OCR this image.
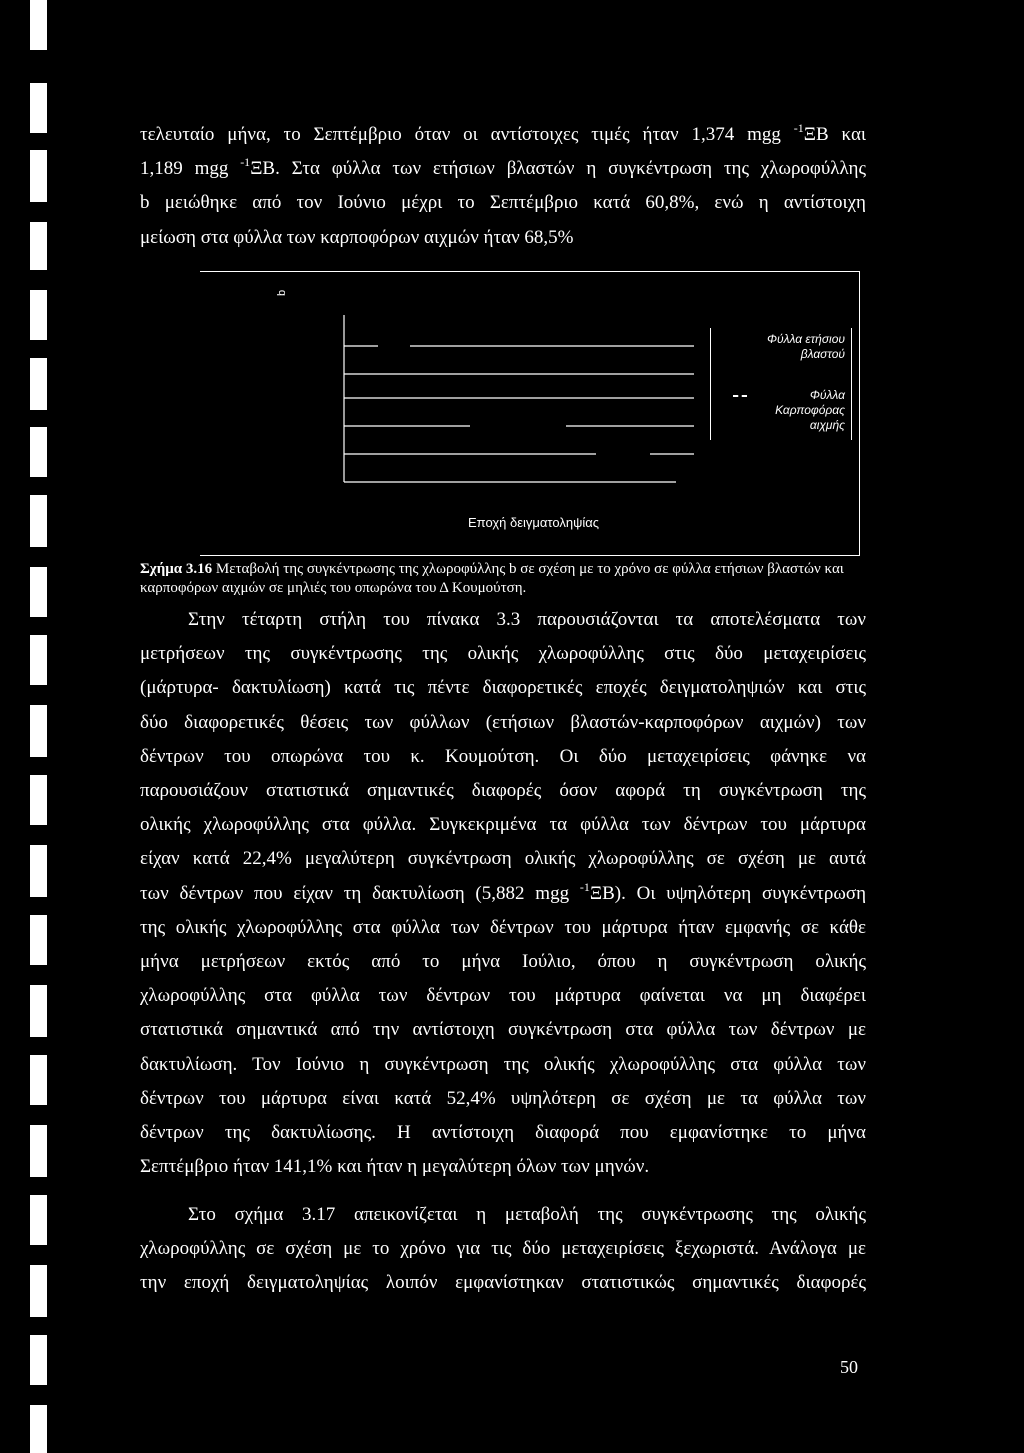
τελευταίο μήνα, το Σεπτέμβριο όταν οι αντίστοιχες τιμές ήταν 1,374 mgg $^{-1}$ΞΒ και
1,189 mgg $^{-1}$ΞΒ. Στα φύλλα των ετήσιων βλαστών η συγκέντρωση της χλωροφύλλης
b μειώθηκε από τον Ιούνιο μέχρι το Σεπτέμβριο κατά 60,8%, ενώ η αντίστοιχη
μείωση στα φύλλα των καρποφόρων αιχμών ήταν 68,5%
b
Φύλλα ετήσιου
βλαστού
Φύλλα
Καρποφόρας
αιχμής
Εποχή δειγματοληψίας

Σχήμα 3.16 Μεταβολή της συγκέντρωσης της χλωροφύλλης b σε σχέση με το χρόνο σε φύλλα ετήσιων βλαστών και καρποφόρων αιχμών σε μηλιές του οπωρώνα του Δ Κουμούτση.

Στην τέταρτη στήλη του πίνακα 3.3 παρουσιάζονται τα αποτελέσματα των
μετρήσεων της συγκέντρωσης της ολικής χλωροφύλλης στις δύο μεταχειρίσεις
(μάρτυρα- δακτυλίωση) κατά τις πέντε διαφορετικές εποχές δειγματοληψιών και στις
δύο διαφορετικές θέσεις των φύλλων (ετήσιων βλαστών-καρποφόρων αιχμών) των
δέντρων του οπωρώνα του κ. Κουμούτση. Οι δύο μεταχειρίσεις φάνηκε να
παρουσιάζουν στατιστικά σημαντικές διαφορές όσον αφορά τη συγκέντρωση της
ολικής χλωροφύλλης στα φύλλα. Συγκεκριμένα τα φύλλα των δέντρων του μάρτυρα
είχαν κατά 22,4% μεγαλύτερη συγκέντρωση ολικής χλωροφύλλης σε σχέση με αυτά
των δέντρων που είχαν τη δακτυλίωση (5,882 mgg $^{-1}$ΞΒ). Οι υψηλότερη συγκέντρωση
της ολικής χλωροφύλλης στα φύλλα των δέντρων του μάρτυρα ήταν εμφανής σε κάθε
μήνα μετρήσεων εκτός από το μήνα Ιούλιο, όπου η συγκέντρωση ολικής
χλωροφύλλης στα φύλλα των δέντρων του μάρτυρα φαίνεται να μη διαφέρει
στατιστικά σημαντικά από την αντίστοιχη συγκέντρωση στα φύλλα των δέντρων με
δακτυλίωση. Τον Ιούνιο η συγκέντρωση της ολικής χλωροφύλλης στα φύλλα των
δέντρων του μάρτυρα είναι κατά 52,4% υψηλότερη σε σχέση με τα φύλλα των
δέντρων της δακτυλίωσης. Η αντίστοιχη διαφορά που εμφανίστηκε το μήνα
Σεπτέμβριο ήταν 141,1% και ήταν η μεγαλύτερη όλων των μηνών.
Στο σχήμα 3.17 απεικονίζεται η μεταβολή της συγκέντρωσης της ολικής
χλωροφύλλης σε σχέση με το χρόνο για τις δύο μεταχειρίσεις ξεχωριστά. Ανάλογα με
την εποχή δειγματοληψίας λοιπόν εμφανίστηκαν στατιστικώς σημαντικές διαφορές
50
